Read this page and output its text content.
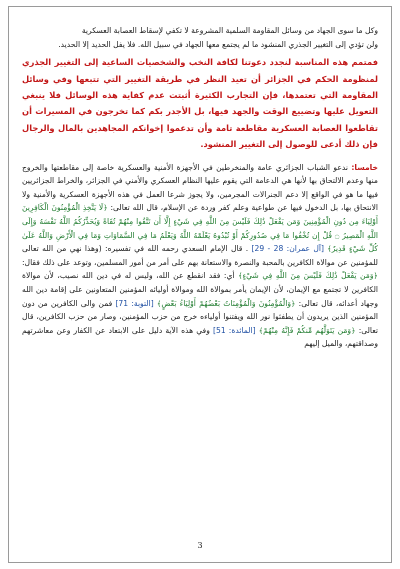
وكل ما سوى الجهاد من وسائل المقاومة السلمية المشروعة لا تكفي لإسقاط العصابة العسكرية
ولن تؤدي إلى التغيير الجذري المنشود ما لم يجتمع معها الجهاد في سبيل الله. فلا يفل الحديد إلا الحديد.

فمتمم هذه المناسبة لنجدد دعوتنا لكافة النخب والشخصيات الساعية إلى التغيير الجذري لمنظومة الحكم في الجزائر أن تعيد النظر في طريقة التغيير التي تتبعها وفي وسائل المقاومة التي تعتمدها، فإن التجارب الكثيرة أثبتت عدم كفاية هذه الوسائل فلا ينبغي التعويل عليها وتضييع الوقت والجهد فيها، بل الأجدر بكم كما تخرجون في المسيرات أن تقاطعوا العصابة العسكرية مقاطعة تامة وأن تدعموا إخوانكم المجاهدين بالمال والرجال فإن ذلك أدعى للوصول إلى التغيير المنشود.

خامسا: ندعو الشباب الجزائري عامة والمنخرطين في الأجهزة الأمنية والعسكرية خاصة إلى مقاطعتها والخروج منها وعدم الالتحاق بها لأنها هي الدعامة التي يقوم عليها النظام العسكري والأمني في الجزائر، والخراط الجزائريين فيها ما هو في الواقع إلا دعم الجنرالات المجرمين، ولا يجوز شرعا العمل في هذه الأجهزة العسكرية والأمنية ولا الانتحاق بها، بل الدخول فيها عن طواعية وعلم كفر وردة عن الإسلام، قال الله تعالى: ﴿لَا يَتَّخِذِ الْمُؤْمِنُونَ الْكَافِرِينَ أَوْلِيَاءَ مِن دُونِ الْمُؤْمِنِينَ وَمَن يَفْعَلْ ذَٰلِكَ فَلَيْسَ مِنَ اللَّهِ فِي شَيْءٍ إِلَّا أَن تَتَّقُوا مِنْهُمْ تُقَاةً وَيُحَذِّرُكُمُ اللَّهُ نَفْسَهُ وَإِلَى اللَّهِ الْمَصِيرُ ۝ قُلْ إِن تُخْفُوا مَا فِي صُدُورِكُمْ أَوْ تُبْدُوهُ يَعْلَمْهُ اللَّهُ وَيَعْلَمُ مَا فِي السَّمَاوَاتِ وَمَا فِي الْأَرْضِ وَاللَّهُ عَلَىٰ كُلِّ شَيْءٍ قَدِيرٌ﴾ [آل عمران: 28 - 29] . قال الإمام السعدي رحمه الله في تفسيره: (وهذا نهي من الله تعالى للمؤمنين عن موالاة الكافرين بالمحبة والنصرة والاستعانة بهم على أمر من أمور المسلمين، وتوعد على ذلك فقال: ﴿وَمَن يَفْعَلْ ذَٰلِكَ فَلَيْسَ مِنَ اللَّهِ فِي شَيْءٍ﴾ أي: فقد انقطع عن الله، وليس له في دين الله نصيب، لأن موالاة الكافرين لا تجتمع مع الإيمان، لأن الإيمان يأمر بموالاة الله وموالاة أوليائه المؤمنين المتعاونين على إقامة دين الله وجهاد أعدائه، قال تعالى: ﴿وَالْمُؤْمِنُونَ وَالْمُؤْمِنَاتُ بَعْضُهُمْ أَوْلِيَاءُ بَعْضٍ﴾ [التوبة: 71] فمن والى الكافرين من دون المؤمنين الذين يريدون أن يطفئوا نور الله ويفتنوا أولياءه خرج من حزب المؤمنين، وصار من حزب الكافرين، قال تعالى: ﴿وَمَن يَتَوَلَّهُم مِّنكُمْ فَإِنَّهُ مِنْهُمْ﴾ [المائدة: 51] وفي هذه الآية دليل على الابتعاد عن الكفار وعن معاشرتهم وصداقتهم، والميل إليهم

3
